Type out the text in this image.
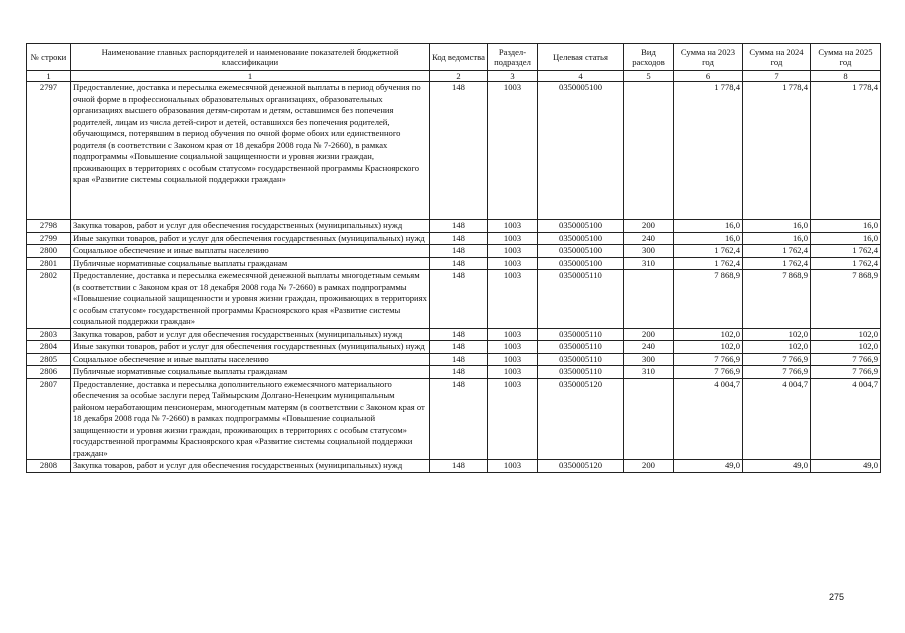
№ строки	Наименование главных распорядителей и наименование показателей бюджетной классификации	Код ведомства	Раздел-подраздел	Целевая статья	Вид расходов	Сумма на 2023 год	Сумма на 2024 год	Сумма на 2025 год
1	1	2	3	4	5	6	7	8
2797	Предоставление, доставка и пересылка ежемесячной денежной выплаты в период обучения по очной форме в профессиональных образовательных организациях, образовательных организациях высшего образования детям-сиротам и детям, оставшимся без попечения родителей, лицам из числа детей-сирот и детей, оставшихся без попечения родителей, обучающимся, потерявшим в период обучения по очной форме обоих или единственного родителя (в соответствии с Законом края от 18 декабря 2008 года № 7-2660), в рамках подпрограммы «Повышение социальной защищенности и уровня жизни граждан, проживающих в территориях с особым статусом» государственной программы Красноярского края «Развитие системы социальной поддержки граждан»	148	1003	0350005100		1 778,4	1 778,4	1 778,4
2798	Закупка товаров, работ и услуг для обеспечения государственных (муниципальных) нужд	148	1003	0350005100	200	16,0	16,0	16,0
2799	Иные закупки товаров, работ и услуг для обеспечения государственных (муниципальных) нужд	148	1003	0350005100	240	16,0	16,0	16,0
2800	Социальное обеспечение и иные выплаты населению	148	1003	0350005100	300	1 762,4	1 762,4	1 762,4
2801	Публичные нормативные социальные выплаты гражданам	148	1003	0350005100	310	1 762,4	1 762,4	1 762,4
2802	Предоставление, доставка и пересылка ежемесячной денежной выплаты многодетным семьям (в соответствии с Законом края от 18 декабря 2008 года № 7-2660) в рамках подпрограммы «Повышение социальной защищенности и уровня жизни граждан, проживающих в территориях с особым статусом» государственной программы Красноярского края «Развитие системы социальной поддержки граждан»	148	1003	0350005110		7 868,9	7 868,9	7 868,9
2803	Закупка товаров, работ и услуг для обеспечения государственных (муниципальных) нужд	148	1003	0350005110	200	102,0	102,0	102,0
2804	Иные закупки товаров, работ и услуг для обеспечения государственных (муниципальных) нужд	148	1003	0350005110	240	102,0	102,0	102,0
2805	Социальное обеспечение и иные выплаты населению	148	1003	0350005110	300	7 766,9	7 766,9	7 766,9
2806	Публичные нормативные социальные выплаты гражданам	148	1003	0350005110	310	7 766,9	7 766,9	7 766,9
2807	Предоставление, доставка и пересылка дополнительного ежемесячного материального обеспечения за особые заслуги перед Таймырским Долгано-Ненецким муниципальным районом неработающим пенсионерам, многодетным матерям (в соответствии с Законом края от 18 декабря 2008 года № 7-2660) в рамках подпрограммы «Повышение социальной защищенности и уровня жизни граждан, проживающих в территориях с особым статусом» государственной программы Красноярского края «Развитие системы социальной поддержки граждан»	148	1003	0350005120		4 004,7	4 004,7	4 004,7
2808	Закупка товаров, работ и услуг для обеспечения государственных (муниципальных) нужд	148	1003	0350005120	200	49,0	49,0	49,0
275
